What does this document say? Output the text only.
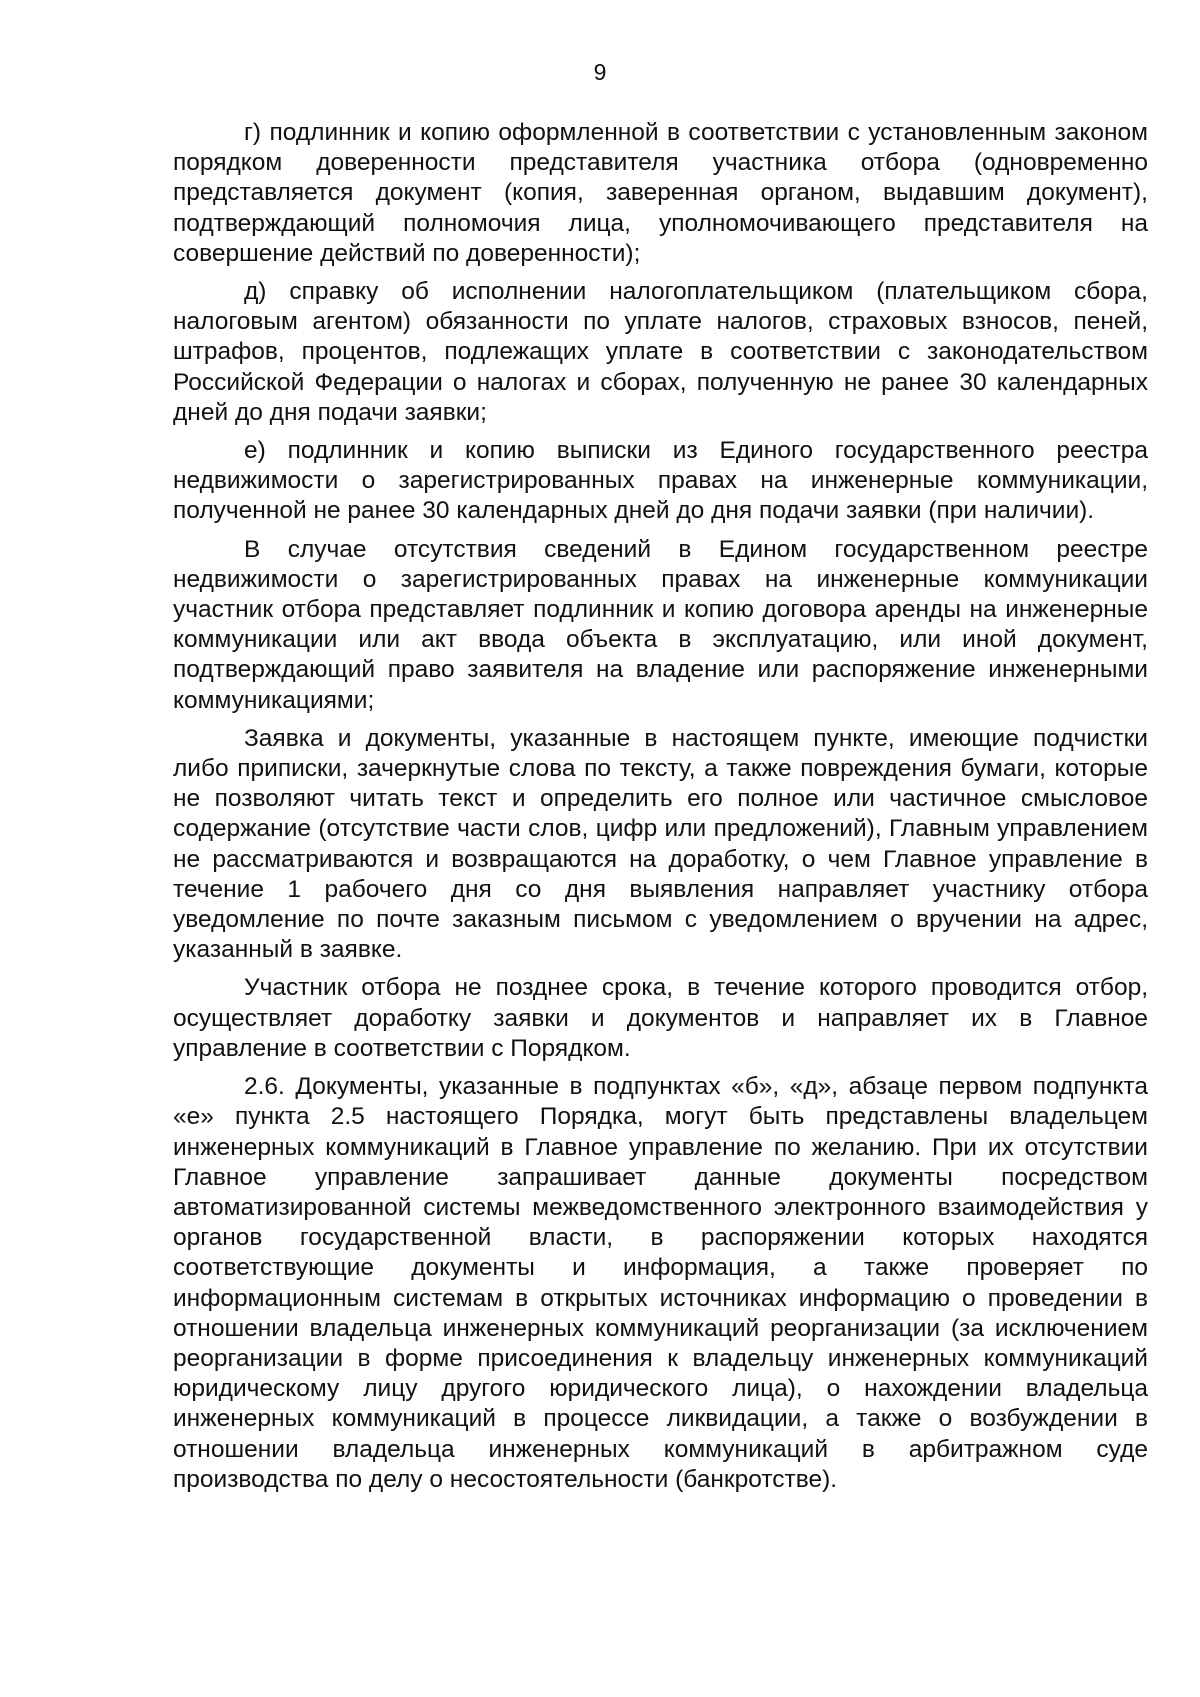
9

г) подлинник и копию оформленной в соответствии с установленным законом порядком доверенности представителя участника отбора (одновременно представляется документ (копия, заверенная органом, выдавшим документ), подтверждающий полномочия лица, уполномочивающего представителя на совершение действий по доверенности);

д) справку об исполнении налогоплательщиком (плательщиком сбора, налоговым агентом) обязанности по уплате налогов, страховых взносов, пеней, штрафов, процентов, подлежащих уплате в соответствии с законодательством Российской Федерации о налогах и сборах, полученную не ранее 30 календарных дней до дня подачи заявки;

е) подлинник и копию выписки из Единого государственного реестра недвижимости о зарегистрированных правах на инженерные коммуникации, полученной не ранее 30 календарных дней до дня подачи заявки (при наличии).

В случае отсутствия сведений в Едином государственном реестре недвижимости о зарегистрированных правах на инженерные коммуникации участник отбора представляет подлинник и копию договора аренды на инженерные коммуникации или акт ввода объекта в эксплуатацию, или иной документ, подтверждающий право заявителя на владение или распоряжение инженерными коммуникациями;

Заявка и документы, указанные в настоящем пункте, имеющие подчистки либо приписки, зачеркнутые слова по тексту, а также повреждения бумаги, которые не позволяют читать текст и определить его полное или частичное смысловое содержание (отсутствие части слов, цифр или предложений), Главным управлением не рассматриваются и возвращаются на доработку, о чем Главное управление в течение 1 рабочего дня со дня выявления направляет участнику отбора уведомление по почте заказным письмом с уведомлением о вручении на адрес, указанный в заявке.

Участник отбора не позднее срока, в течение которого проводится отбор, осуществляет доработку заявки и документов и направляет их в Главное управление в соответствии с Порядком.

2.6. Документы, указанные в подпунктах «б», «д», абзаце первом подпункта «е» пункта 2.5 настоящего Порядка, могут быть представлены владельцем инженерных коммуникаций в Главное управление по желанию. При их отсутствии Главное управление запрашивает данные документы посредством автоматизированной системы межведомственного электронного взаимодействия у органов государственной власти, в распоряжении которых находятся соответствующие документы и информация, а также проверяет по информационным системам в открытых источниках информацию о проведении в отношении владельца инженерных коммуникаций реорганизации (за исключением реорганизации в форме присоединения к владельцу инженерных коммуникаций юридическому лицу другого юридического лица), о нахождении владельца инженерных коммуникаций в процессе ликвидации, а также о возбуждении в отношении владельца инженерных коммуникаций в арбитражном суде производства по делу о несостоятельности (банкротстве).
